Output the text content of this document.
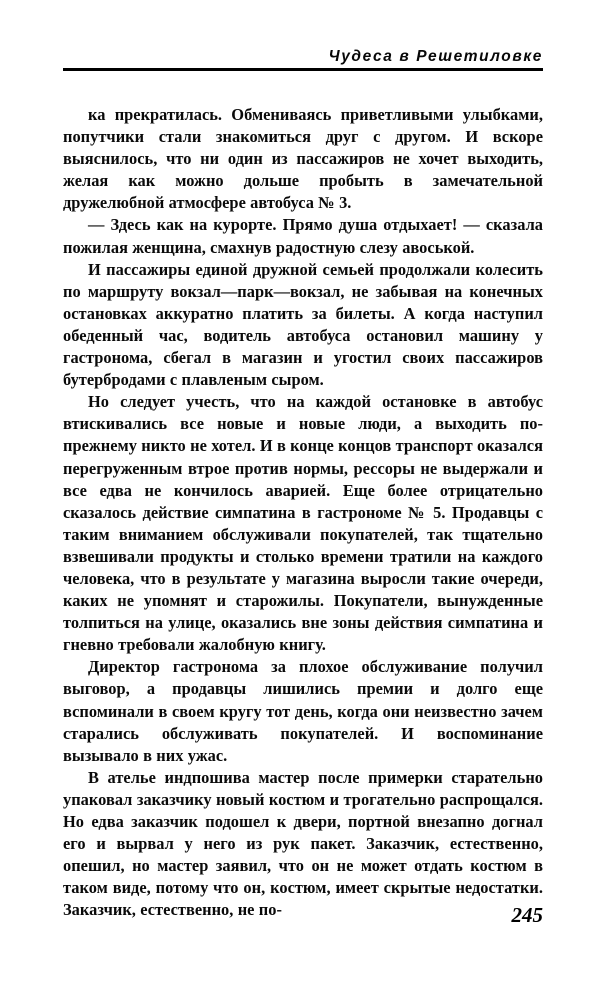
Чудеса в Решетиловке

ка прекратилась. Обмениваясь приветливыми улыбками, попутчики стали знакомиться друг с другом. И вскоре выяснилось, что ни один из пассажиров не хочет выходить, желая как можно дольше пробыть в замечательной дружелюбной атмосфере автобуса № 3.

— Здесь как на курорте. Прямо душа отдыхает! — сказала пожилая женщина, смахнув радостную слезу авоськой.

И пассажиры единой дружной семьей продолжали колесить по маршруту вокзал—парк—вокзал, не забывая на конечных остановках аккуратно платить за билеты. А когда наступил обеденный час, водитель автобуса остановил машину у гастронома, сбегал в магазин и угостил своих пассажиров бутербродами с плавленым сыром.

Но следует учесть, что на каждой остановке в автобус втискивались все новые и новые люди, а выходить по-прежнему никто не хотел. И в конце концов транспорт оказался перегруженным втрое против нормы, рессоры не выдержали и все едва не кончилось аварией. Еще более отрицательно сказалось действие симпатина в гастрономе № 5. Продавцы с таким вниманием обслуживали покупателей, так тщательно взвешивали продукты и столько времени тратили на каждого человека, что в результате у магазина выросли такие очереди, каких не упомнят и старожилы. Покупатели, вынужденные толпиться на улице, оказались вне зоны действия симпатина и гневно требовали жалобную книгу.

Директор гастронома за плохое обслуживание получил выговор, а продавцы лишились премии и долго еще вспоминали в своем кругу тот день, когда они неизвестно зачем старались обслуживать покупателей. И воспоминание вызывало в них ужас.

В ателье индпошива мастер после примерки старательно упаковал заказчику новый костюм и трогательно распрощался. Но едва заказчик подошел к двери, портной внезапно догнал его и вырвал у него из рук пакет. Заказчик, естественно, опешил, но мастер заявил, что он не может отдать костюм в таком виде, потому что он, костюм, имеет скрытые недостатки. Заказчик, естественно, не по-	245
